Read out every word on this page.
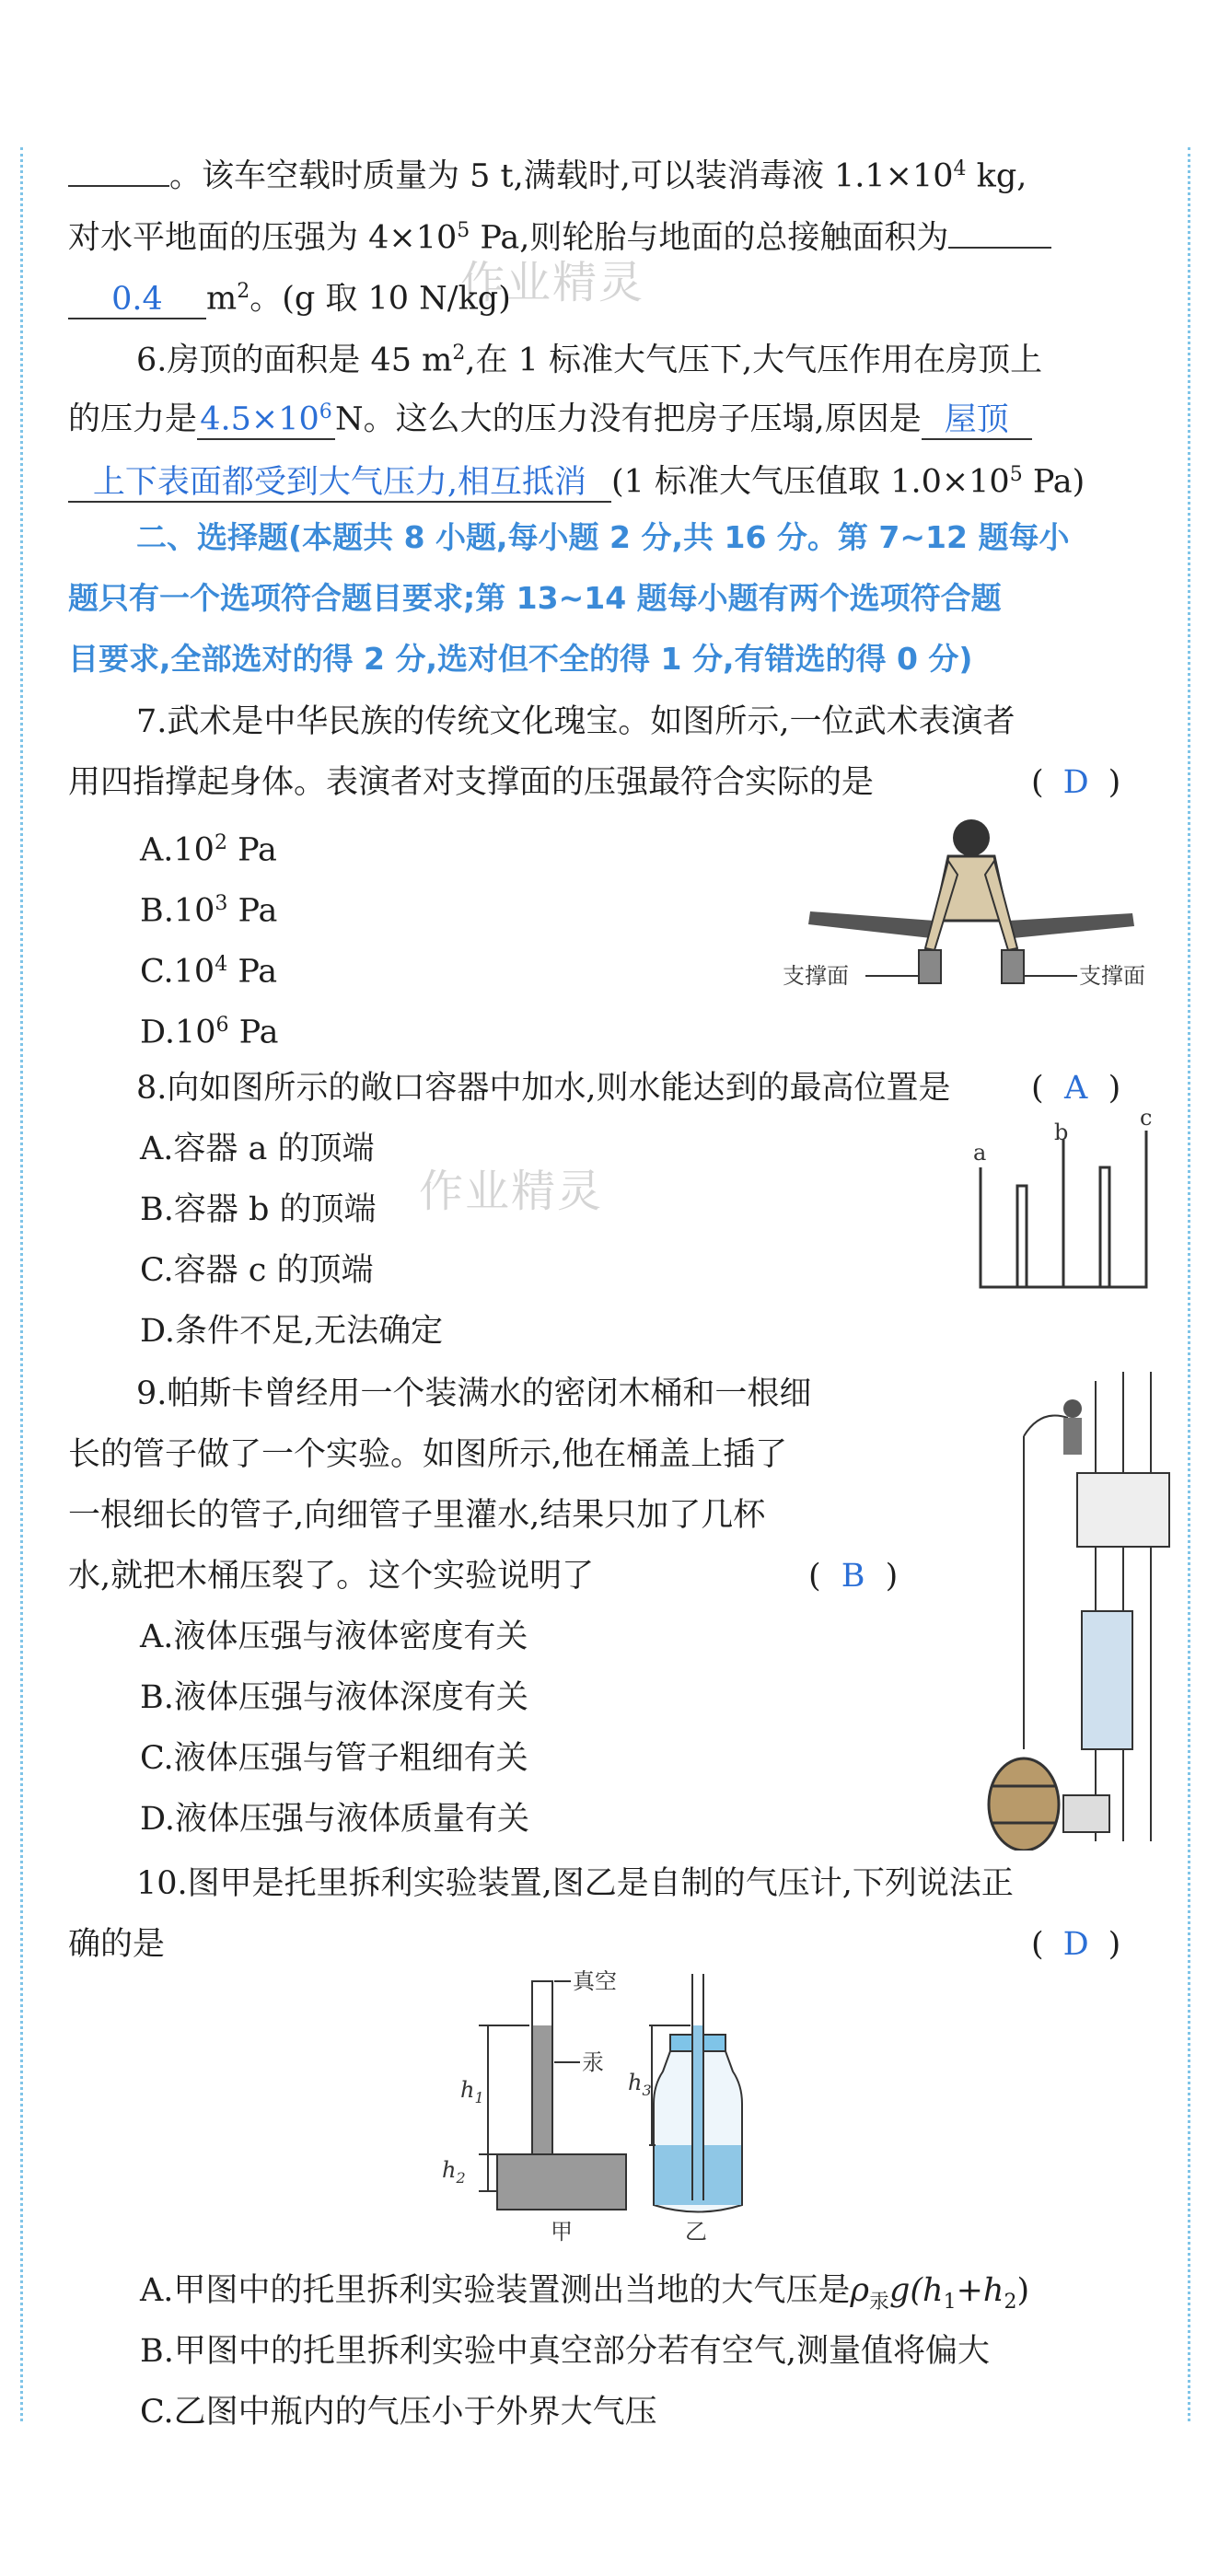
作业精灵
作业精灵
。该车空载时质量为 5 t,满载时,可以装消毒液 $1.1\times 10^4$ kg,
对水平地面的压强为 $4\times 10^5$ Pa,则轮胎与地面的总接触面积为
0.4 $m^2$。(g 取 10 N/kg)
6.房顶的面积是 45 $m^2$,在 1 标准大气压下,大气压作用在房顶上
的压力是$4.5\times 10^6N$。这么大的压力没有把房子压塌,原因是 屋顶
上下表面都受到大气压力,相互抵消 (1 标准大气压值取 $1.0\times 10^5$ Pa)
二、选择题(本题共 8 小题,每小题 2 分,共 16 分。第 7~12 题每小
题只有一个选项符合题目要求;第 13~14 题每小题有两个选项符合题
目要求,全部选对的得 2 分,选对但不全的得 1 分,有错选的得 0 分)
7.武术是中华民族的传统文化瑰宝。如图所示,一位武术表演者
用四指撑起身体。表演者对支撑面的压强最符合实际的是	( D )
$A.10^2$ Pa
$B.10^3$ Pa
$C.10^4$ Pa
$D.10^6$ Pa
支撑面	支撑面
8.向如图所示的敞口容器中加水,则水能达到的最高位置是 ( A )
A.容器 a 的顶端
B.容器 b 的顶端
C.容器 c 的顶端
D.条件不足,无法确定
a
b
c
9.帕斯卡曾经用一个装满水的密闭木桶和一根细
长的管子做了一个实验。如图所示,他在桶盖上插了
一根细长的管子,向细管子里灌水,结果只加了几杯
水,就把木桶压裂了。这个实验说明了	( B )
A.液体压强与液体密度有关
B.液体压强与液体深度有关
C.液体压强与管子粗细有关
D.液体压强与液体质量有关
10.图甲是托里拆利实验装置,图乙是自制的气压计,下列说法正
确的是	( D )
真空
汞
$h_1$
$h_2$
甲
$h_3$
乙
A.甲图中的托里拆利实验装置测出当地的大气压是$\rho_汞g(h_1+h_2)$
B.甲图中的托里拆利实验中真空部分若有空气,测量值将偏大
C.乙图中瓶内的气压小于外界大气压
